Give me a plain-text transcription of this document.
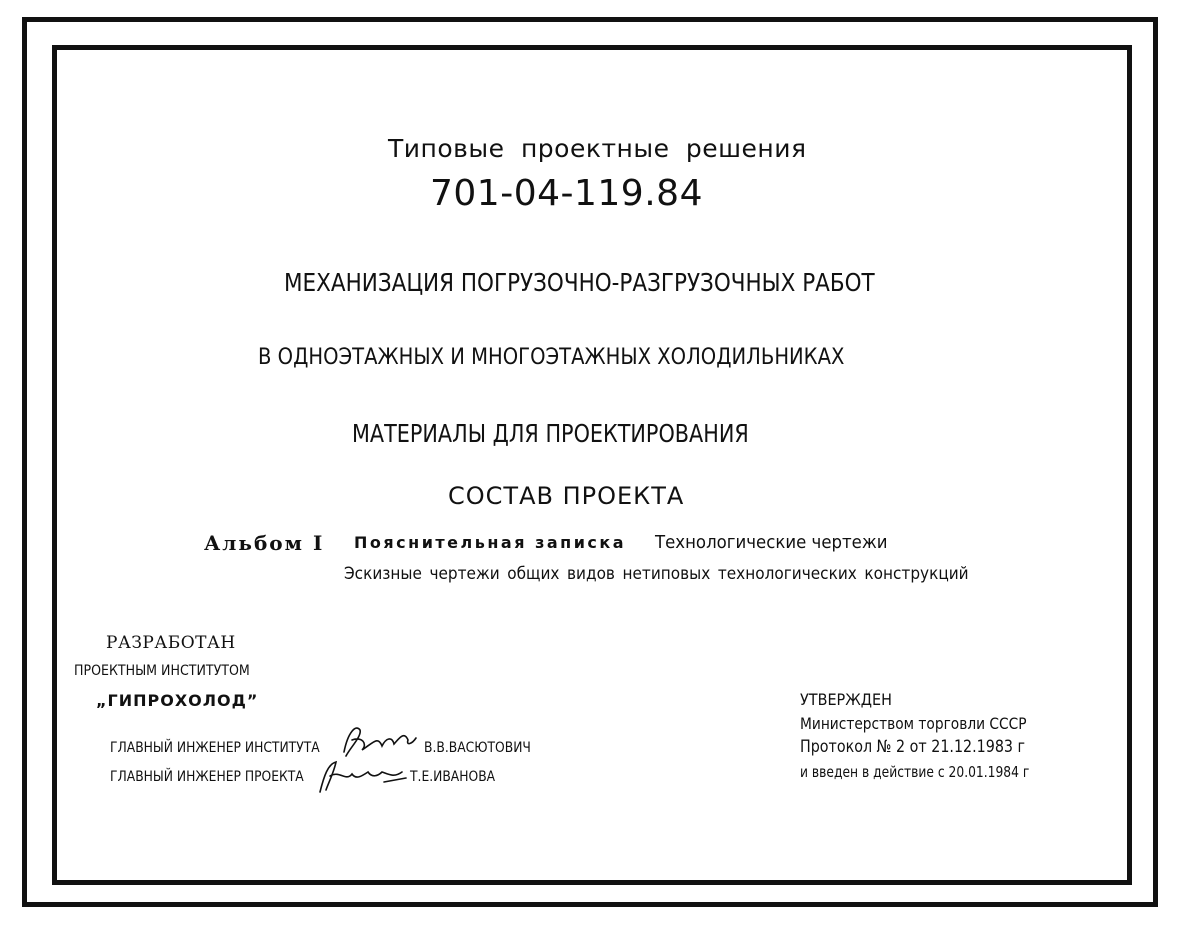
Типовые проектные решения
701-04-119.84
МЕХАНИЗАЦИЯ ПОГРУЗОЧНО-РАЗГРУЗОЧНЫХ РАБОТ
В ОДНОЭТАЖНЫХ И МНОГОЭТАЖНЫХ ХОЛОДИЛЬНИКАХ
МАТЕРИАЛЫ ДЛЯ ПРОЕКТИРОВАНИЯ
СОСТАВ ПРОЕКТА
Альбом I Пояснительная записка Технологические чертежи
Эскизные чертежи общих видов нетиповых технологических конструкций
РАЗРАБОТАН
ПРОЕКТНЫМ ИНСТИТУТОМ
„ГИПРОХОЛОД”
ГЛАВНЫЙ ИНЖЕНЕР ИНСТИТУТА	В.В.ВАСЮТОВИЧ
ГЛАВНЫЙ ИНЖЕНЕР ПРОЕКТА	Т.Е.ИВАНОВА
УТВЕРЖДЕН
Министерством торговли СССР
Протокол № 2 от 21.12.1983 г
и введен в действие с 20.01.1984 г
